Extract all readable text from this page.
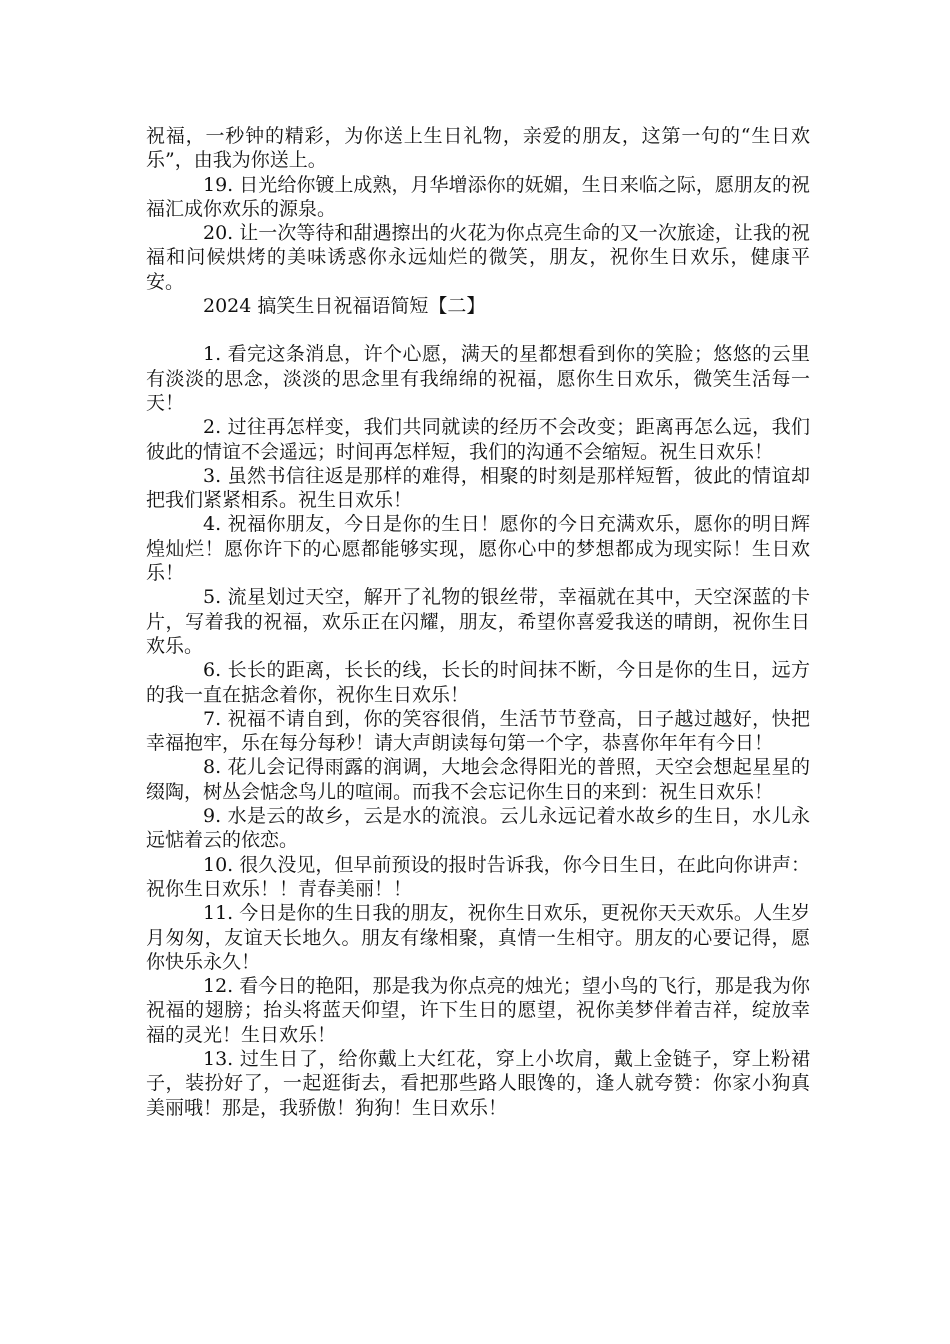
祝福，一秒钟的精彩，为你送上生日礼物，亲爱的朋友，这第一句的“生日欢乐”，由我为你送上。

19. 日光给你镀上成熟，月华增添你的妩媚，生日来临之际，愿朋友的祝福汇成你欢乐的源泉。

20. 让一次等待和甜遇擦出的火花为你点亮生命的又一次旅途，让我的祝福和问候烘烤的美味诱惑你永远灿烂的微笑，朋友，祝你生日欢乐，健康平安。

2024 搞笑生日祝福语简短【二】

1. 看完这条消息，许个心愿，满天的星都想看到你的笑脸；悠悠的云里有淡淡的思念，淡淡的思念里有我绵绵的祝福，愿你生日欢乐，微笑生活每一天！

2. 过往再怎样变，我们共同就读的经历不会改变；距离再怎么远，我们彼此的情谊不会遥远；时间再怎样短，我们的沟通不会缩短。祝生日欢乐！

3. 虽然书信往返是那样的难得，相聚的时刻是那样短暂，彼此的情谊却把我们紧紧相系。祝生日欢乐！

4. 祝福你朋友，今日是你的生日！愿你的今日充满欢乐，愿你的明日辉煌灿烂！愿你许下的心愿都能够实现，愿你心中的梦想都成为现实际！生日欢乐！

5. 流星划过天空，解开了礼物的银丝带，幸福就在其中，天空深蓝的卡片，写着我的祝福，欢乐正在闪耀，朋友，希望你喜爱我送的晴朗，祝你生日欢乐。

6. 长长的距离，长长的线，长长的时间抹不断，今日是你的生日，远方的我一直在掂念着你，祝你生日欢乐！

7. 祝福不请自到，你的笑容很俏，生活节节登高，日子越过越好，快把幸福抱牢，乐在每分每秒！请大声朗读每句第一个字，恭喜你年年有今日！

8. 花儿会记得雨露的润调，大地会念得阳光的普照，天空会想起星星的缀陶，树丛会惦念鸟儿的喧闹。而我不会忘记你生日的来到：祝生日欢乐！

9. 水是云的故乡，云是水的流浪。云儿永远记着水故乡的生日，水儿永远惦着云的依恋。

10. 很久没见，但早前预设的报时告诉我，你今日生日，在此向你讲声：祝你生日欢乐！！青春美丽！！

11. 今日是你的生日我的朋友，祝你生日欢乐，更祝你天天欢乐。人生岁月匆匆，友谊天长地久。朋友有缘相聚，真情一生相守。朋友的心要记得，愿你快乐永久！

12. 看今日的艳阳，那是我为你点亮的烛光；望小鸟的飞行，那是我为你祝福的翅膀；抬头将蓝天仰望，许下生日的愿望，祝你美梦伴着吉祥，绽放幸福的灵光！生日欢乐！

13. 过生日了，给你戴上大红花，穿上小坎肩，戴上金链子，穿上粉裙子，装扮好了，一起逛街去，看把那些路人眼馋的，逢人就夸赞：你家小狗真美丽哦！那是，我骄傲！狗狗！生日欢乐！
